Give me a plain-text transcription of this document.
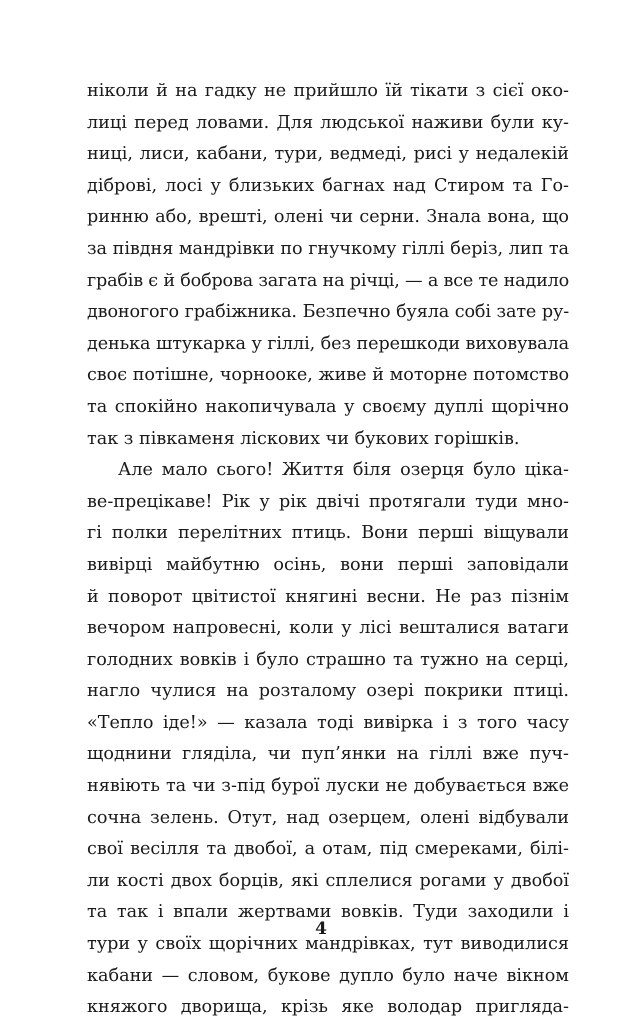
ніколи й на гадку не прийшло їй тікати з сієї око-
лиці перед ловами. Для людської наживи були ку-
ниці, лиси, кабани, тури, ведмеді, рисі у недалекій
діброві, лосі у близьких багнах над Стиром та Го-
ринню або, врешті, олені чи серни. Знала вона, що
за півдня мандрівки по гнучкому гіллі беріз, лип та
грабів є й боброва загата на річці, — а все те надило
двоногого грабіжника. Безпечно буяла собі зате ру-
денька штукарка у гіллі, без перешкоди виховувала
своє потішне, чорнооке, живе й моторне потомство
та спокійно накопичувала у своєму дуплі щорічно
так з півкаменя ліскових чи букових горішків.

Але мало сього! Життя біля озерця було ціка-
ве-прецікаве! Рік у рік двічі протягали туди мно-
гі полки перелітних птиць. Вони перші віщували
вивірці майбутню осінь, вони перші заповідали
й поворот цвітистої княгині весни. Не раз пізнім
вечором напровесні, коли у лісі вешталися ватаги
голодних вовків і було страшно та тужно на серці,
нагло чулися на розталому озері покрики птиці.
«Тепло іде!» — казала тоді вивірка і з того часу
щоднини гляділа, чи пуп’янки на гіллі вже пуч-
нявіють та чи з-під бурої луски не добувається вже
сочна зелень. Отут, над озерцем, олені відбували
свої весілля та двобої, а отам, під смереками, білі-
ли кості двох борців, які сплелися рогами у двобої
та так і впали жертвами вовків. Туди заходили і
тури у своїх щорічних мандрівках, тут виводилися
кабани — словом, букове дупло було наче вікном
княжого дворища, крізь яке володар пригляда-

4
